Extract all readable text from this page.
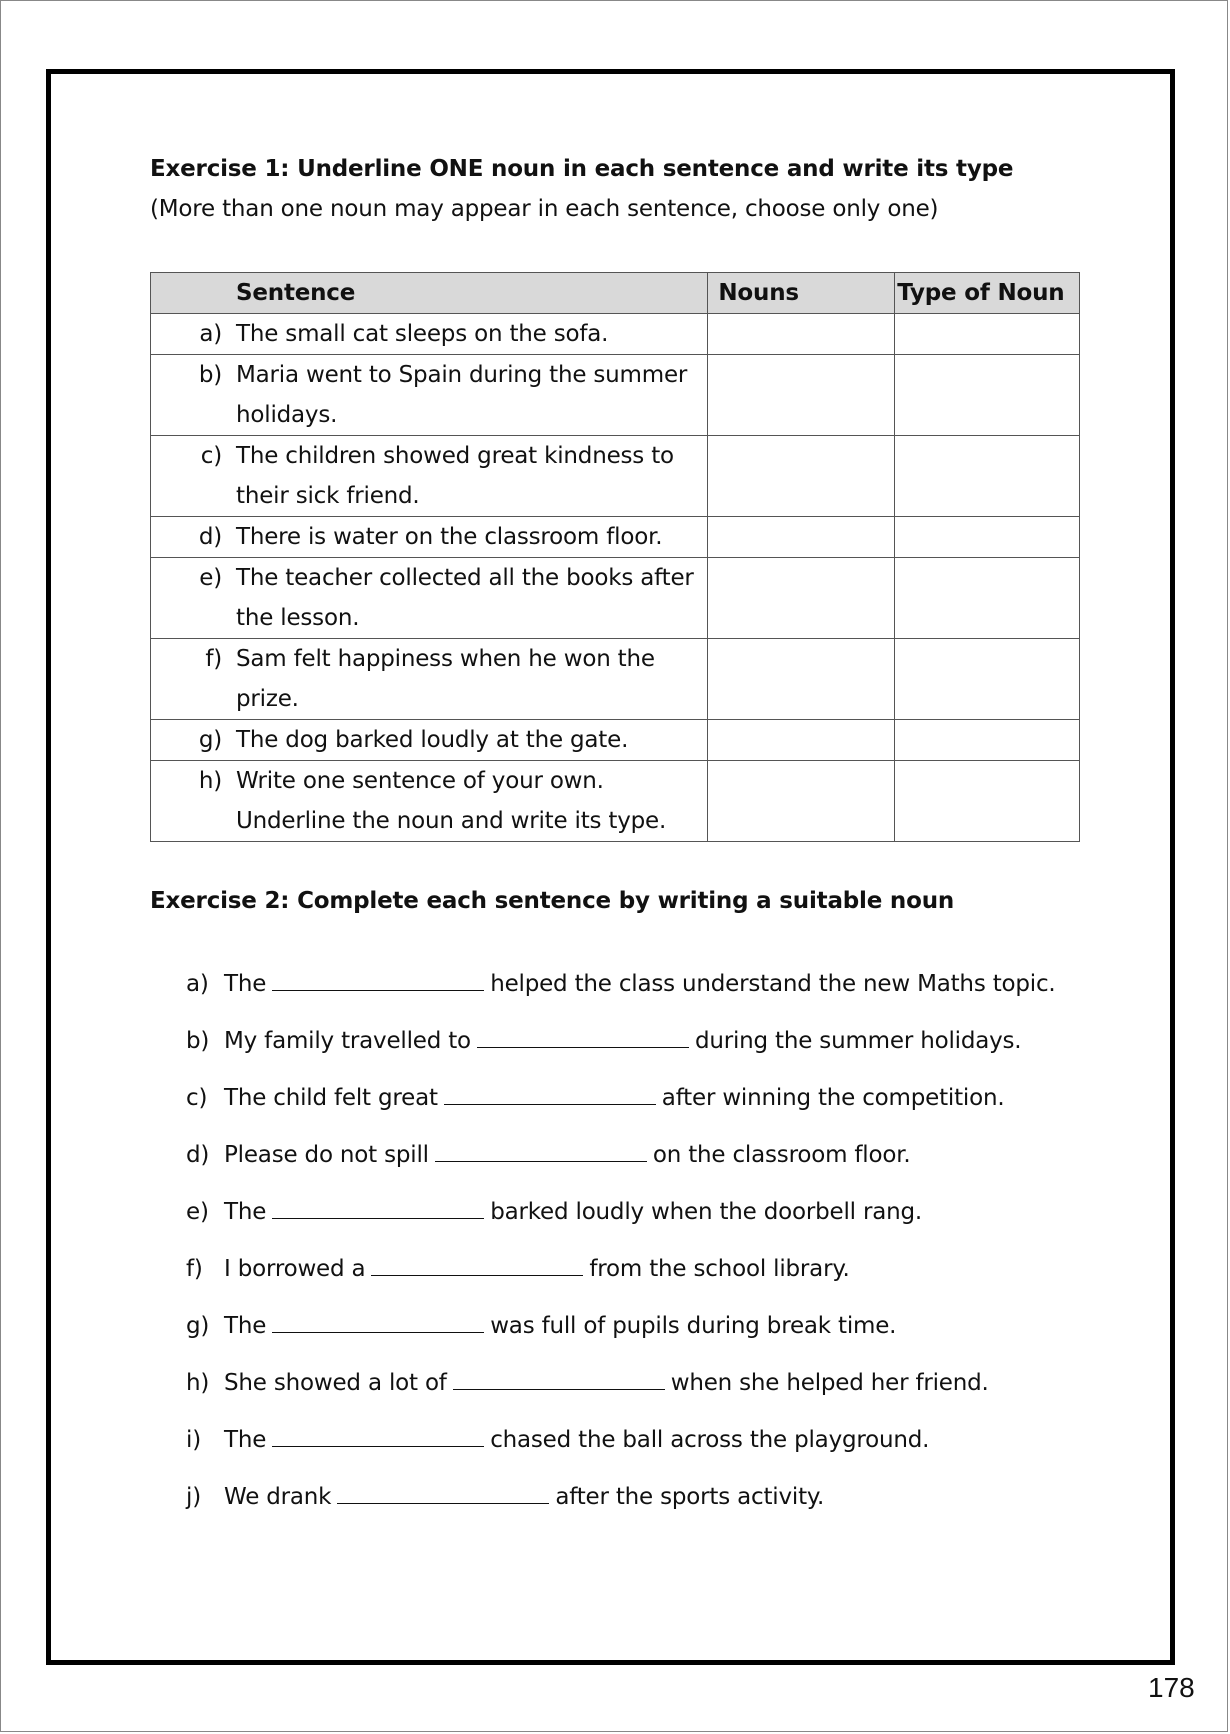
Exercise 1: Underline ONE noun in each sentence and write its type
(More than one noun may appear in each sentence, choose only one)
Sentence	Nouns	Type of Noun

a) The small cat sleeps on the sofa.		

b) Maria went to Spain during the summer holidays.		

c) The children showed great kindness to their sick friend.		

d) There is water on the classroom floor.		

e) The teacher collected all the books after the lesson.		

f) Sam felt happiness when he won the prize.		

g) The dog barked loudly at the gate.		

h) Write one sentence of your own. Underline the noun and write its type.		

Exercise 2: Complete each sentence by writing a suitable noun
a) The	helped the class understand the new Maths topic.
b) My family travelled to	during the summer holidays.
c) The child felt great	after winning the competition.
d) Please do not spill	on the classroom floor.
e) The	barked loudly when the doorbell rang.
f) I borrowed a	from the school library.
g) The	was full of pupils during break time.
h) She showed a lot of	when she helped her friend.
i)	The	chased the ball across the playground.
j)	We drank	after the sports activity.
178
